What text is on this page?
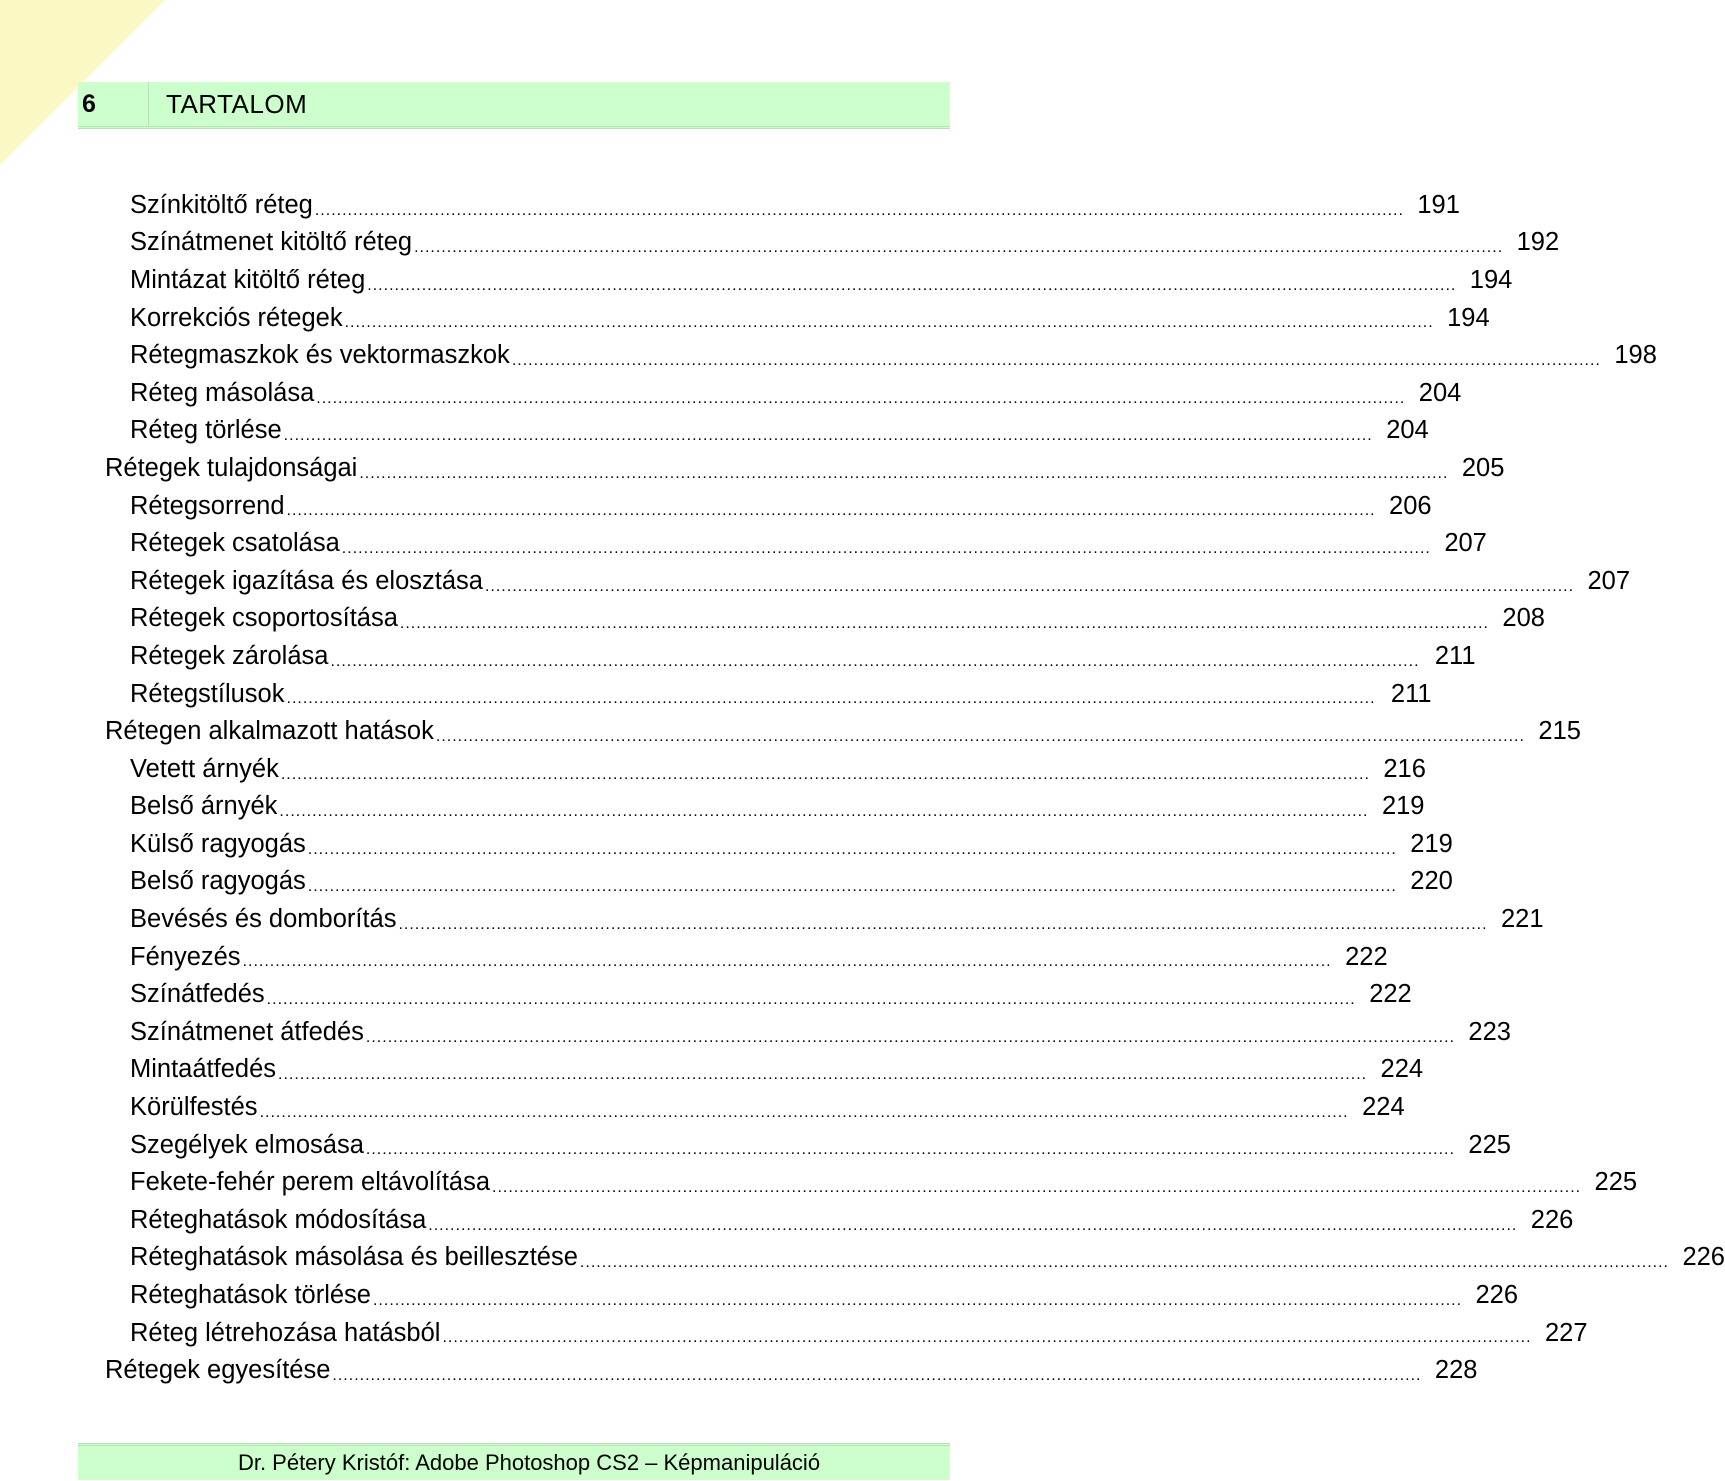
6	TARTALOM
Színkitöltő réteg ........................................................................................................................................................................................................ 191
Színátmenet kitöltő réteg ........................................................................................................................................................................................................ 192
Mintázat kitöltő réteg ........................................................................................................................................................................................................ 194
Korrekciós rétegek ........................................................................................................................................................................................................ 194
Rétegmaszkok és vektormaszkok ........................................................................................................................................................................................................ 198
Réteg másolása ........................................................................................................................................................................................................ 204
Réteg törlése ........................................................................................................................................................................................................ 204
Rétegek tulajdonságai ........................................................................................................................................................................................................ 205
Rétegsorrend ........................................................................................................................................................................................................ 206
Rétegek csatolása ........................................................................................................................................................................................................ 207
Rétegek igazítása és elosztása ........................................................................................................................................................................................................ 207
Rétegek csoportosítása ........................................................................................................................................................................................................ 208
Rétegek zárolása ........................................................................................................................................................................................................ 211
Rétegstílusok ........................................................................................................................................................................................................ 211
Rétegen alkalmazott hatások ........................................................................................................................................................................................................ 215
Vetett árnyék ........................................................................................................................................................................................................ 216
Belső árnyék ........................................................................................................................................................................................................ 219
Külső ragyogás ........................................................................................................................................................................................................ 219
Belső ragyogás ........................................................................................................................................................................................................ 220
Bevésés és domborítás ........................................................................................................................................................................................................ 221
Fényezés ........................................................................................................................................................................................................ 222
Színátfedés ........................................................................................................................................................................................................ 222
Színátmenet átfedés ........................................................................................................................................................................................................ 223
Mintaátfedés ........................................................................................................................................................................................................ 224
Körülfestés ........................................................................................................................................................................................................ 224
Szegélyek elmosása ........................................................................................................................................................................................................ 225
Fekete-fehér perem eltávolítása ........................................................................................................................................................................................................ 225
Réteghatások módosítása ........................................................................................................................................................................................................ 226
Réteghatások másolása és beillesztése ........................................................................................................................................................................................................ 226
Réteghatások törlése ........................................................................................................................................................................................................ 226
Réteg létrehozása hatásból ........................................................................................................................................................................................................ 227
Rétegek egyesítése ........................................................................................................................................................................................................ 228
Dr. Pétery Kristóf: Adobe Photoshop CS2 – Képmanipuláció
